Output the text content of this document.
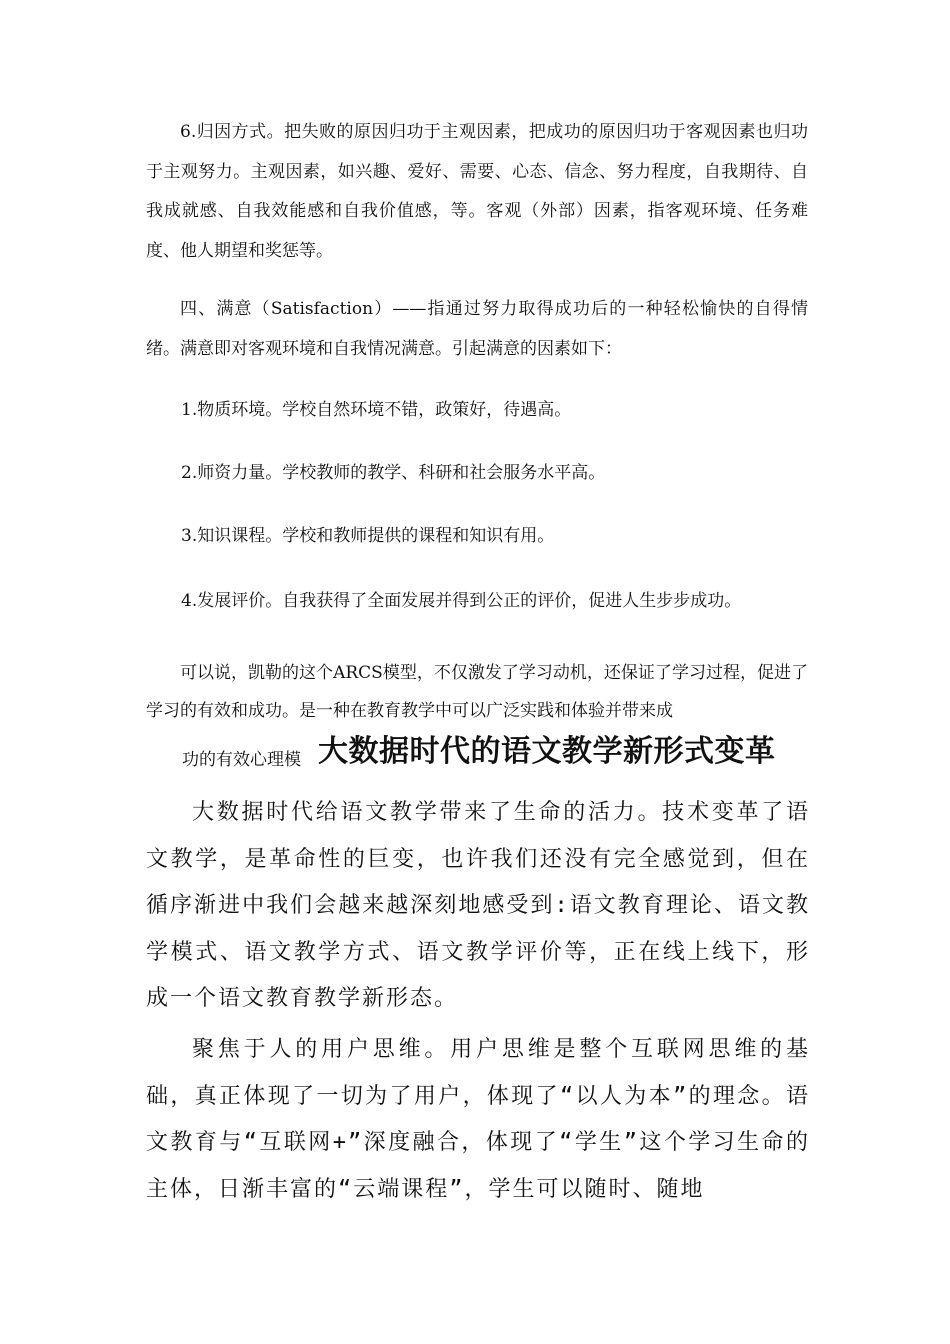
6.归因方式。把失败的原因归功于主观因素，把成功的原因归功于客观因素也归功于主观努力。主观因素，如兴趣、爱好、需要、心态、信念、努力程度，自我期待、自我成就感、自我效能感和自我价值感，等。客观（外部）因素，指客观环境、任务难度、他人期望和奖惩等。

四、满意（Satisfaction）——指通过努力取得成功后的一种轻松愉快的自得情绪。满意即对客观环境和自我情况满意。引起满意的因素如下：

1.物质环境。学校自然环境不错，政策好，待遇高。

2.师资力量。学校教师的教学、科研和社会服务水平高。

3.知识课程。学校和教师提供的课程和知识有用。

4.发展评价。自我获得了全面发展并得到公正的评价，促进人生步步成功。

可以说，凯勒的这个ARCS模型，不仅激发了学习动机，还保证了学习过程，促进了学习的有效和成功。是一种在教育教学中可以广泛实践和体验并带来成

功的有效心理模 大数据时代的语文教学新形式变革

大数据时代给语文教学带来了生命的活力。技术变革了语文教学，是革命性的巨变，也许我们还没有完全感觉到，但在循序渐进中我们会越来越深刻地感受到:语文教育理论、语文教学模式、语文教学方式、语文教学评价等，正在线上线下，形成一个语文教育教学新形态。

聚焦于人的用户思维。用户思维是整个互联网思维的基础，真正体现了一切为了用户，体现了“以人为本”的理念。语文教育与“互联网+”深度融合，体现了“学生”这个学习生命的主体，日渐丰富的“云端课程”，学生可以随时、随地
